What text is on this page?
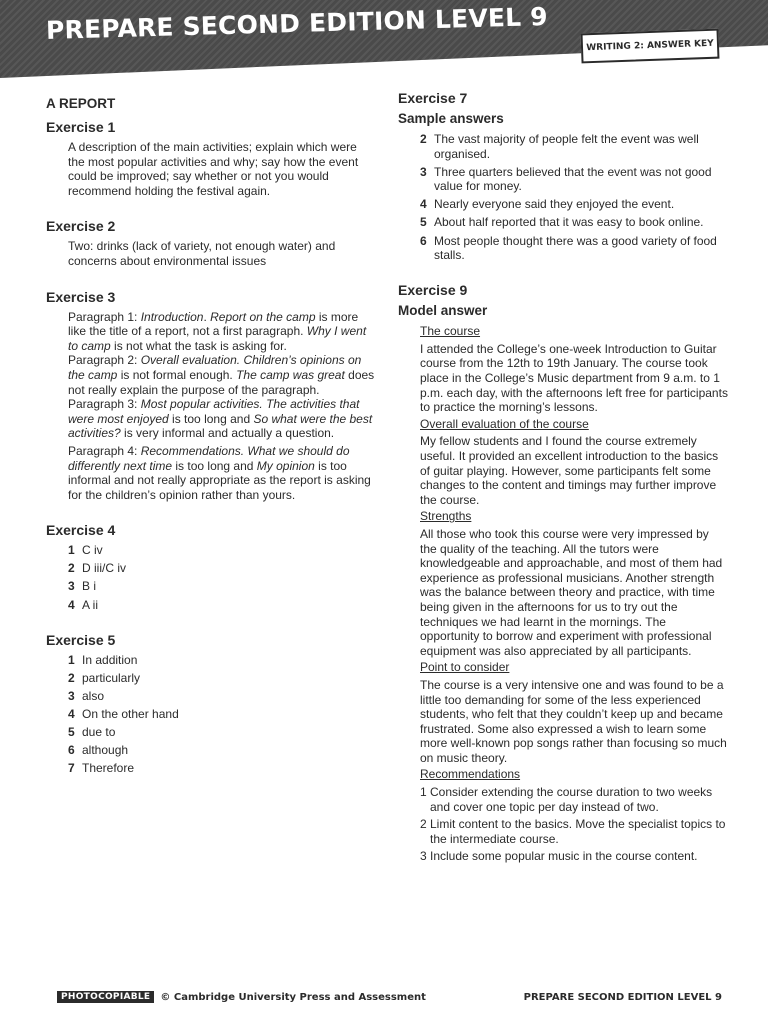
PREPARE SECOND EDITION LEVEL 9
WRITING 2: ANSWER KEY
A REPORT
Exercise 1

A description of the main activities; explain which were the most popular activities and why; say how the event could be improved; say whether or not you would recommend holding the festival again.

Exercise 2

Two: drinks (lack of variety, not enough water) and concerns about environmental issues

Exercise 3

Paragraph 1: Introduction. Report on the camp is more like the title of a report, not a first paragraph. Why I went to camp is not what the task is asking for.

Paragraph 2: Overall evaluation. Children’s opinions on the camp is not formal enough. The camp was great does not really explain the purpose of the paragraph.

Paragraph 3: Most popular activities. The activities that were most enjoyed is too long and So what were the best activities? is very informal and actually a question.

Paragraph 4: Recommendations. What we should do differently next time is too long and My opinion is too informal and not really appropriate as the report is asking for the children’s opinion rather than yours.

Exercise 4
1 C iv
2 D iii/C iv
3 B i
4 A ii
Exercise 5
1 In addition
2 particularly
3 also
4 On the other hand
5 due to
6 although
7 Therefore
Exercise 7
Sample answers
2 The vast majority of people felt the event was well organised.
3 Three quarters believed that the event was not good value for money.
4 Nearly everyone said they enjoyed the event.
5 About half reported that it was easy to book online.
6 Most people thought there was a good variety of food stalls.
Exercise 9
Model answer
The course

I attended the College’s one-week Introduction to Guitar course from the 12th to 19th January. The course took place in the College’s Music department from 9 a.m. to 1 p.m. each day, with the afternoons left free for participants to practice the morning’s lessons.

Overall evaluation of the course

My fellow students and I found the course extremely useful. It provided an excellent introduction to the basics of guitar playing. However, some participants felt some changes to the content and timings may further improve the course.

Strengths

All those who took this course were very impressed by the quality of the teaching. All the tutors were knowledgeable and approachable, and most of them had experience as professional musicians. Another strength was the balance between theory and practice, with time being given in the afternoons for us to try out the techniques we had learnt in the mornings. The opportunity to borrow and experiment with professional equipment was also appreciated by all participants.

Point to consider

The course is a very intensive one and was found to be a little too demanding for some of the less experienced students, who felt that they couldn’t keep up and became frustrated. Some also expressed a wish to learn some more well-known pop songs rather than focusing so much on music theory.

Recommendations
1 Consider extending the course duration to two weeks and cover one topic per day instead of two.
2 Limit content to the basics. Move the specialist topics to the intermediate course.
3 Include some popular music in the course content.
PHOTOCOPIABLE	© Cambridge University Press and Assessment	PREPARE SECOND EDITION LEVEL 9
